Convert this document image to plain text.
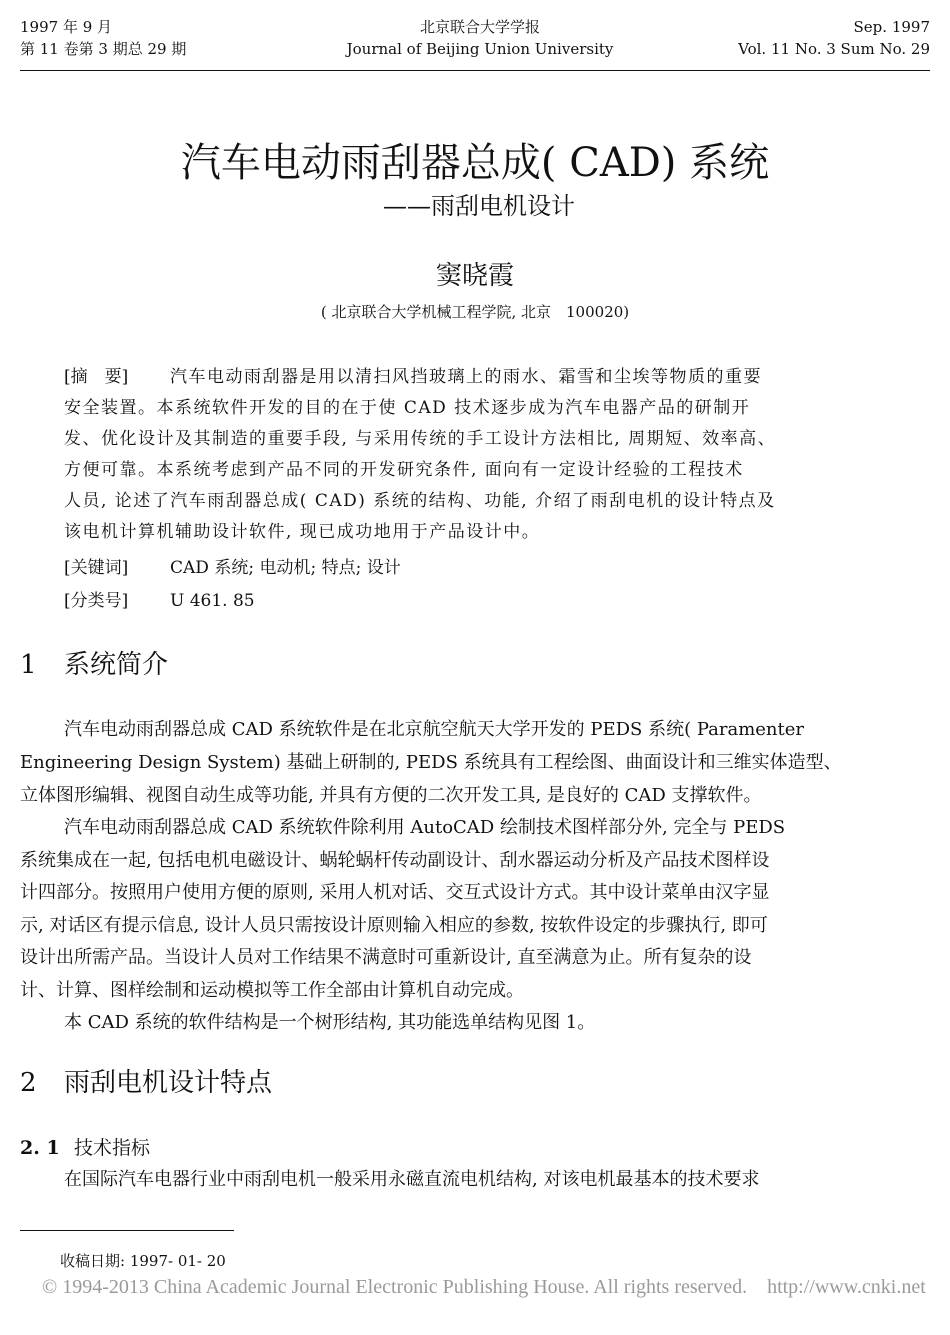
1997 年 9 月
第 11 卷第 3 期总 29 期
北京联合大学学报
Journal of Beijing Union University
Sep. 1997
Vol. 11 No. 3 Sum No. 29
汽车电动雨刮器总成( CAD) 系统
——雨刮电机设计
窦晓霞
( 北京联合大学机械工程学院, 北京　100020)
[摘　要] 汽车电动雨刮器是用以清扫风挡玻璃上的雨水、霜雪和尘埃等物质的重要
安全装置。本系统软件开发的目的在于使 CAD 技术逐步成为汽车电器产品的研制开
发、优化设计及其制造的重要手段, 与采用传统的手工设计方法相比, 周期短、效率高、
方便可靠。本系统考虑到产品不同的开发研究条件, 面向有一定设计经验的工程技术
人员, 论述了汽车雨刮器总成( CAD) 系统的结构、功能, 介绍了雨刮电机的设计特点及
该电机计算机辅助设计软件, 现已成功地用于产品设计中。
[关键词] CAD 系统; 电动机; 特点; 设计
[分类号] U 461. 85
1 系统简介
汽车电动雨刮器总成 CAD 系统软件是在北京航空航天大学开发的 PEDS 系统( Paramenter
Engineering Design System) 基础上研制的, PEDS 系统具有工程绘图、曲面设计和三维实体造型、
立体图形编辑、视图自动生成等功能, 并具有方便的二次开发工具, 是良好的 CAD 支撑软件。
汽车电动雨刮器总成 CAD 系统软件除利用 AutoCAD 绘制技术图样部分外, 完全与 PEDS
系统集成在一起, 包括电机电磁设计、蜗轮蜗杆传动副设计、刮水器运动分析及产品技术图样设
计四部分。按照用户使用方便的原则, 采用人机对话、交互式设计方式。其中设计菜单由汉字显
示, 对话区有提示信息, 设计人员只需按设计原则输入相应的参数, 按软件设定的步骤执行, 即可
设计出所需产品。当设计人员对工作结果不满意时可重新设计, 直至满意为止。所有复杂的设
计、计算、图样绘制和运动模拟等工作全部由计算机自动完成。
本 CAD 系统的软件结构是一个树形结构, 其功能选单结构见图 1。
2 雨刮电机设计特点
2. 1 技术指标
在国际汽车电器行业中雨刮电机一般采用永磁直流电机结构, 对该电机最基本的技术要求
收稿日期: 1997- 01- 20
© 1994-2013 China Academic Journal Electronic Publishing House. All rights reserved.　http://www.cnki.net
